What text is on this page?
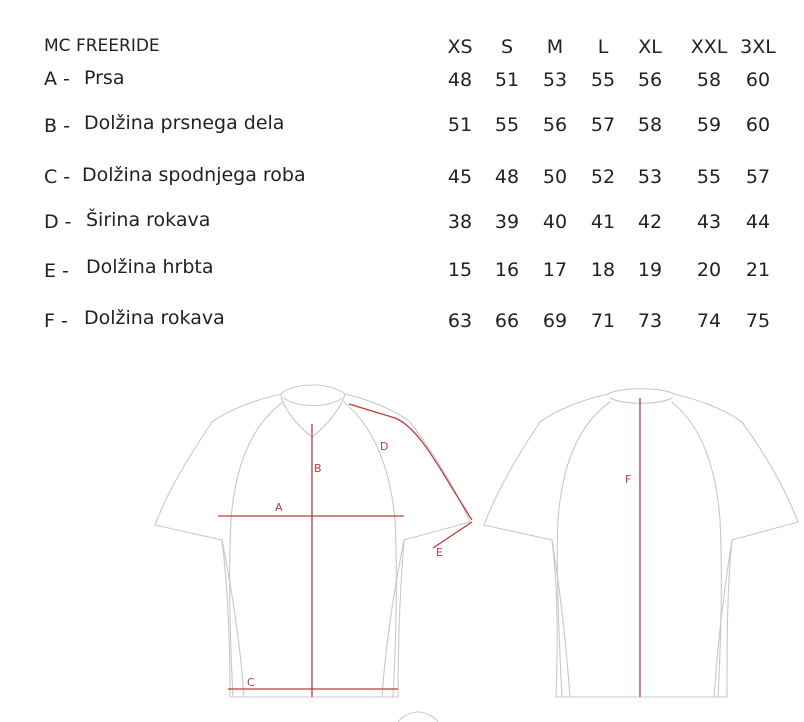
MC FREERIDE	XS S M L XL XXL 3XL
A - Prsa	48 51 53 55 56 58 60
B - Dolžina prsnega dela	51 55 56 57 58 59 60
C - Dolžina spodnjega roba	45 48 50 52 53 55 57
D - Širina rokava	38 39 40 41 42 43 44
E - Dolžina hrbta	15 16 17 18 19 20 21
F - Dolžina rokava	63 66 69 71 73 74 75
A
B
C
D
E
F
